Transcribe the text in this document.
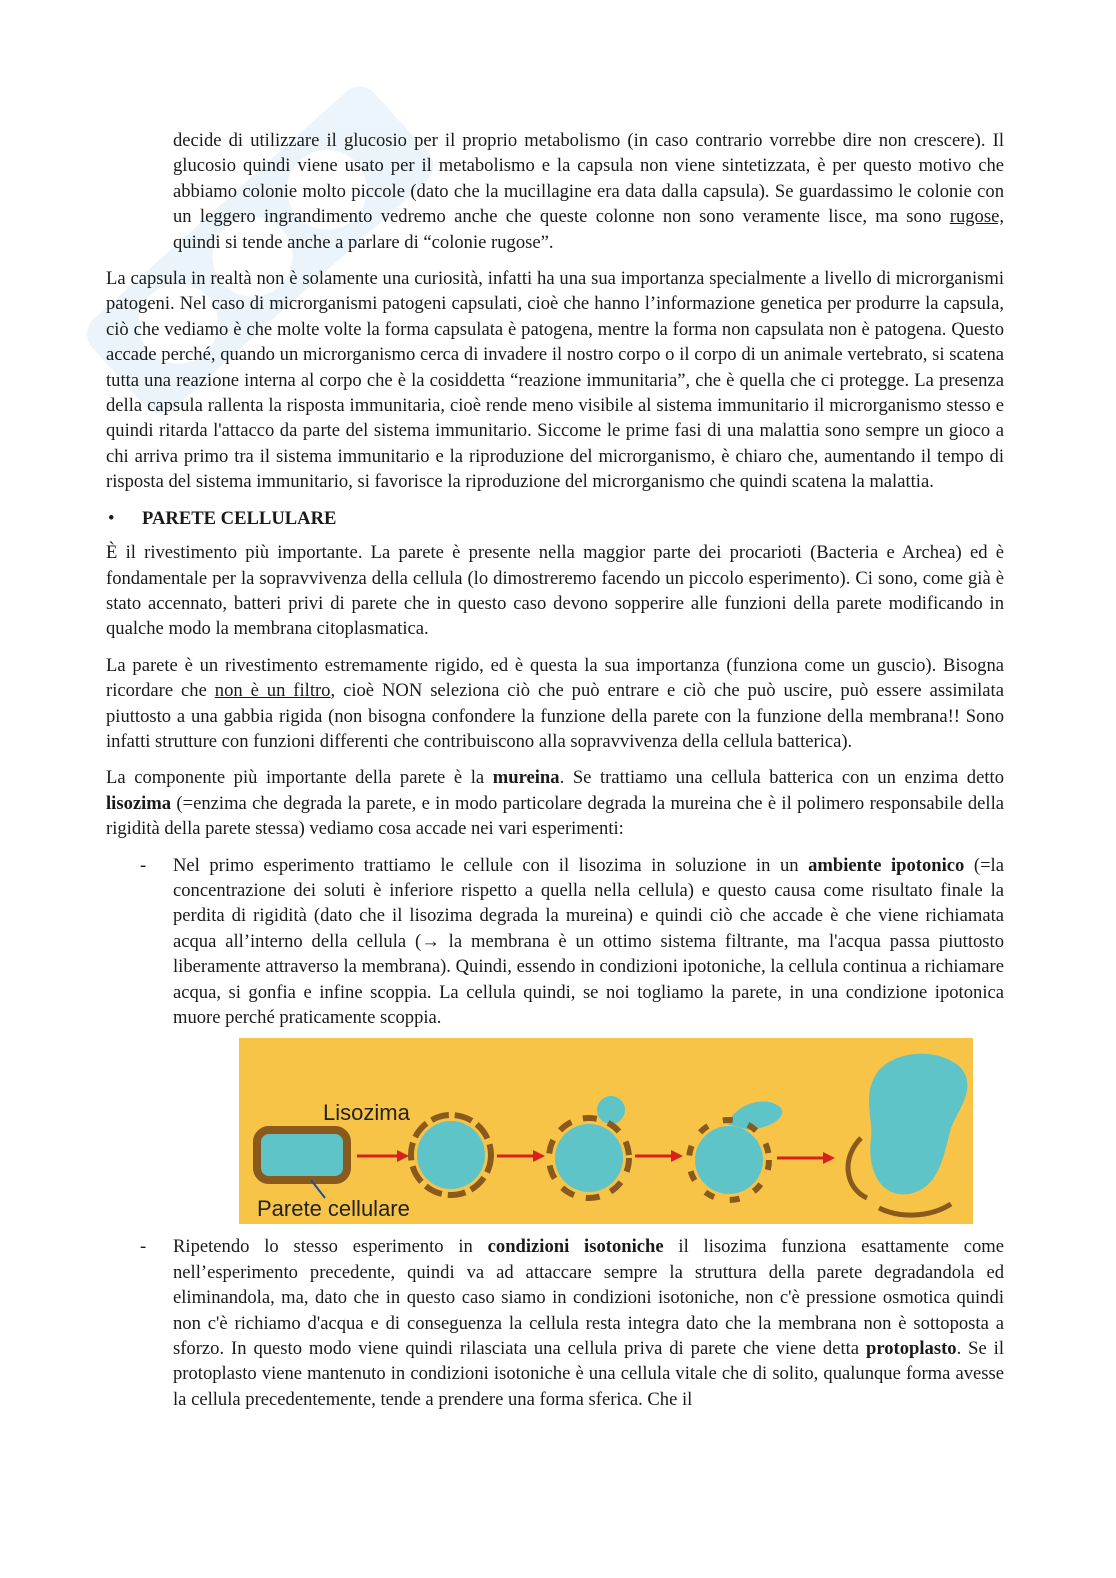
decide di utilizzare il glucosio per il proprio metabolismo (in caso contrario vorrebbe dire non crescere). Il glucosio quindi viene usato per il metabolismo e la capsula non viene sintetizzata, è per questo motivo che abbiamo colonie molto piccole (dato che la mucillagine era data dalla capsula). Se guardassimo le colonie con un leggero ingrandimento vedremo anche che queste colonne non sono veramente lisce, ma sono rugose, quindi si tende anche a parlare di “colonie rugose”.

La capsula in realtà non è solamente una curiosità, infatti ha una sua importanza specialmente a livello di microrganismi patogeni. Nel caso di microrganismi patogeni capsulati, cioè che hanno l’informazione genetica per produrre la capsula, ciò che vediamo è che molte volte la forma capsulata è patogena, mentre la forma non capsulata non è patogena. Questo accade perché, quando un microrganismo cerca di invadere il nostro corpo o il corpo di un animale vertebrato, si scatena tutta una reazione interna al corpo che è la cosiddetta “reazione immunitaria”, che è quella che ci protegge. La presenza della capsula rallenta la risposta immunitaria, cioè rende meno visibile al sistema immunitario il microrganismo stesso e quindi ritarda l'attacco da parte del sistema immunitario. Siccome le prime fasi di una malattia sono sempre un gioco a chi arriva primo tra il sistema immunitario e la riproduzione del microrganismo, è chiaro che, aumentando il tempo di risposta del sistema immunitario, si favorisce la riproduzione del microrganismo che quindi scatena la malattia.

•	PARETE CELLULARE

È il rivestimento più importante. La parete è presente nella maggior parte dei procarioti (Bacteria e Archea) ed è fondamentale per la sopravvivenza della cellula (lo dimostreremo facendo un piccolo esperimento). Ci sono, come già è stato accennato, batteri privi di parete che in questo caso devono sopperire alle funzioni della parete modificando in qualche modo la membrana citoplasmatica.

La parete è un rivestimento estremamente rigido, ed è questa la sua importanza (funziona come un guscio). Bisogna ricordare che non è un filtro, cioè NON seleziona ciò che può entrare e ciò che può uscire, può essere assimilata piuttosto a una gabbia rigida (non bisogna confondere la funzione della parete con la funzione della membrana!! Sono infatti strutture con funzioni differenti che contribuiscono alla sopravvivenza della cellula batterica).

La componente più importante della parete è la mureina. Se trattiamo una cellula batterica con un enzima detto lisozima (=enzima che degrada la parete, e in modo particolare degrada la mureina che è il polimero responsabile della rigidità della parete stessa) vediamo cosa accade nei vari esperimenti:

-	Nel primo esperimento trattiamo le cellule con il lisozima in soluzione in un ambiente ipotonico (=la concentrazione dei soluti è inferiore rispetto a quella nella cellula) e questo causa come risultato finale la perdita di rigidità (dato che il lisozima degrada la mureina) e quindi ciò che accade è che viene richiamata acqua all’interno della cellula (→ la membrana è un ottimo sistema filtrante, ma l'acqua passa piuttosto liberamente attraverso la membrana). Quindi, essendo in condizioni ipotoniche, la cellula continua a richiamare acqua, si gonfia e infine scoppia. La cellula quindi, se noi togliamo la parete, in una condizione ipotonica muore perché praticamente scoppia.
Lisozima
Parete cellulare
-	Ripetendo lo stesso esperimento in condizioni isotoniche il lisozima funziona esattamente come nell’esperimento precedente, quindi va ad attaccare sempre la struttura della parete degradandola ed eliminandola, ma, dato che in questo caso siamo in condizioni isotoniche, non c'è pressione osmotica quindi non c'è richiamo d'acqua e di conseguenza la cellula resta integra dato che la membrana non è sottoposta a sforzo. In questo modo viene quindi rilasciata una cellula priva di parete che viene detta protoplasto. Se il protoplasto viene mantenuto in condizioni isotoniche è una cellula vitale che di solito, qualunque forma avesse la cellula precedentemente, tende a prendere una forma sferica. Che il
